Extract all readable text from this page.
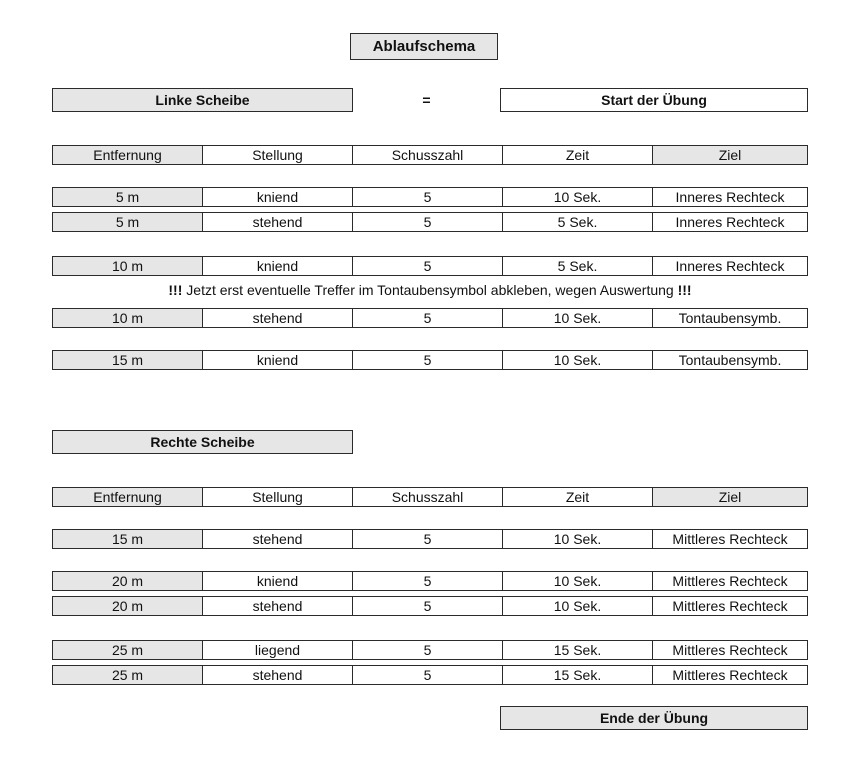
Ablaufschema
Linke Scheibe	=	Start der Übung
Entfernung	Stellung	Schusszahl	Zeit	Ziel
5 m	kniend	5	10 Sek.	Inneres Rechteck
5 m	stehend	5	5 Sek.	Inneres Rechteck
10 m	kniend	5	5 Sek.	Inneres Rechteck
!!! Jetzt erst eventuelle Treffer im Tontaubensymbol abkleben, wegen Auswertung !!!
10 m	stehend	5	10 Sek.	Tontaubensymb.
15 m	kniend	5	10 Sek.	Tontaubensymb.
Rechte Scheibe
Entfernung	Stellung	Schusszahl	Zeit	Ziel
15 m	stehend	5	10 Sek.	Mittleres Rechteck
20 m	kniend	5	10 Sek.	Mittleres Rechteck
20 m	stehend	5	10 Sek.	Mittleres Rechteck
25 m	liegend	5	15 Sek.	Mittleres Rechteck
25 m	stehend	5	15 Sek.	Mittleres Rechteck
Ende der Übung
